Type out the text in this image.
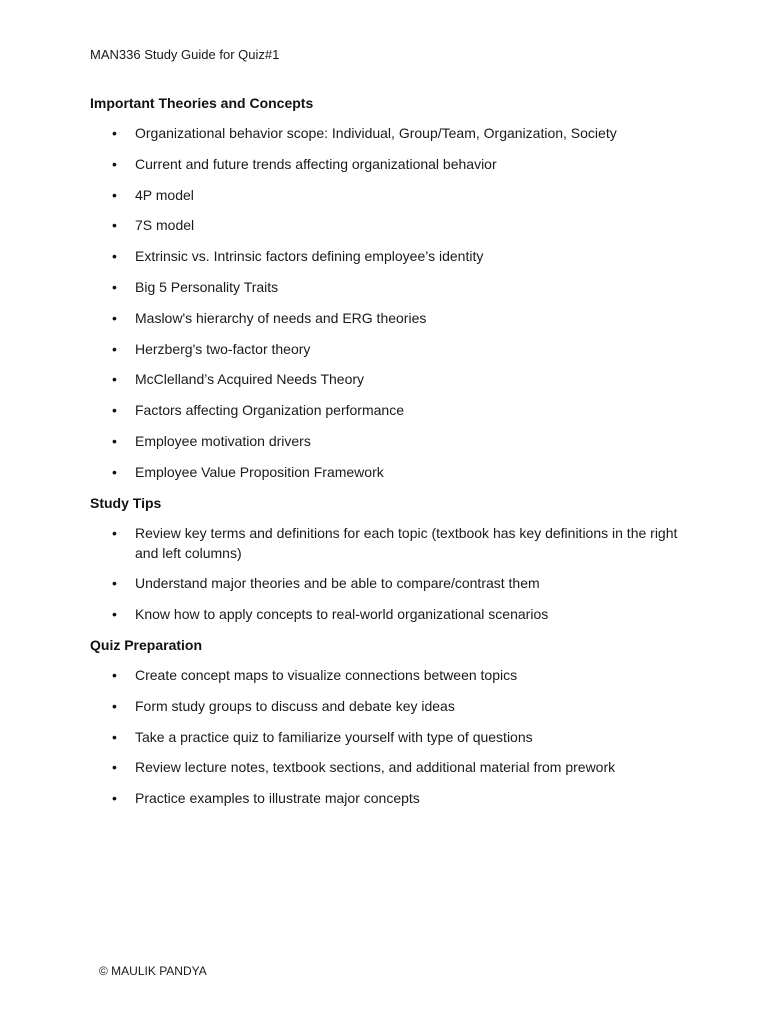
MAN336 Study Guide for Quiz#1
Important Theories and Concepts
• Organizational behavior scope: Individual, Group/Team, Organization, Society
• Current and future trends affecting organizational behavior
• 4P model
• 7S model
• Extrinsic vs. Intrinsic factors defining employee’s identity
• Big 5 Personality Traits
• Maslow's hierarchy of needs and ERG theories
• Herzberg's two-factor theory
• McClelland’s Acquired Needs Theory
• Factors affecting Organization performance
• Employee motivation drivers
• Employee Value Proposition Framework
Study Tips
• Review key terms and definitions for each topic (textbook has key definitions in the right and left columns)
• Understand major theories and be able to compare/contrast them
• Know how to apply concepts to real-world organizational scenarios
Quiz Preparation
• Create concept maps to visualize connections between topics
• Form study groups to discuss and debate key ideas
• Take a practice quiz to familiarize yourself with type of questions
• Review lecture notes, textbook sections, and additional material from prework
• Practice examples to illustrate major concepts
© MAULIK PANDYA
